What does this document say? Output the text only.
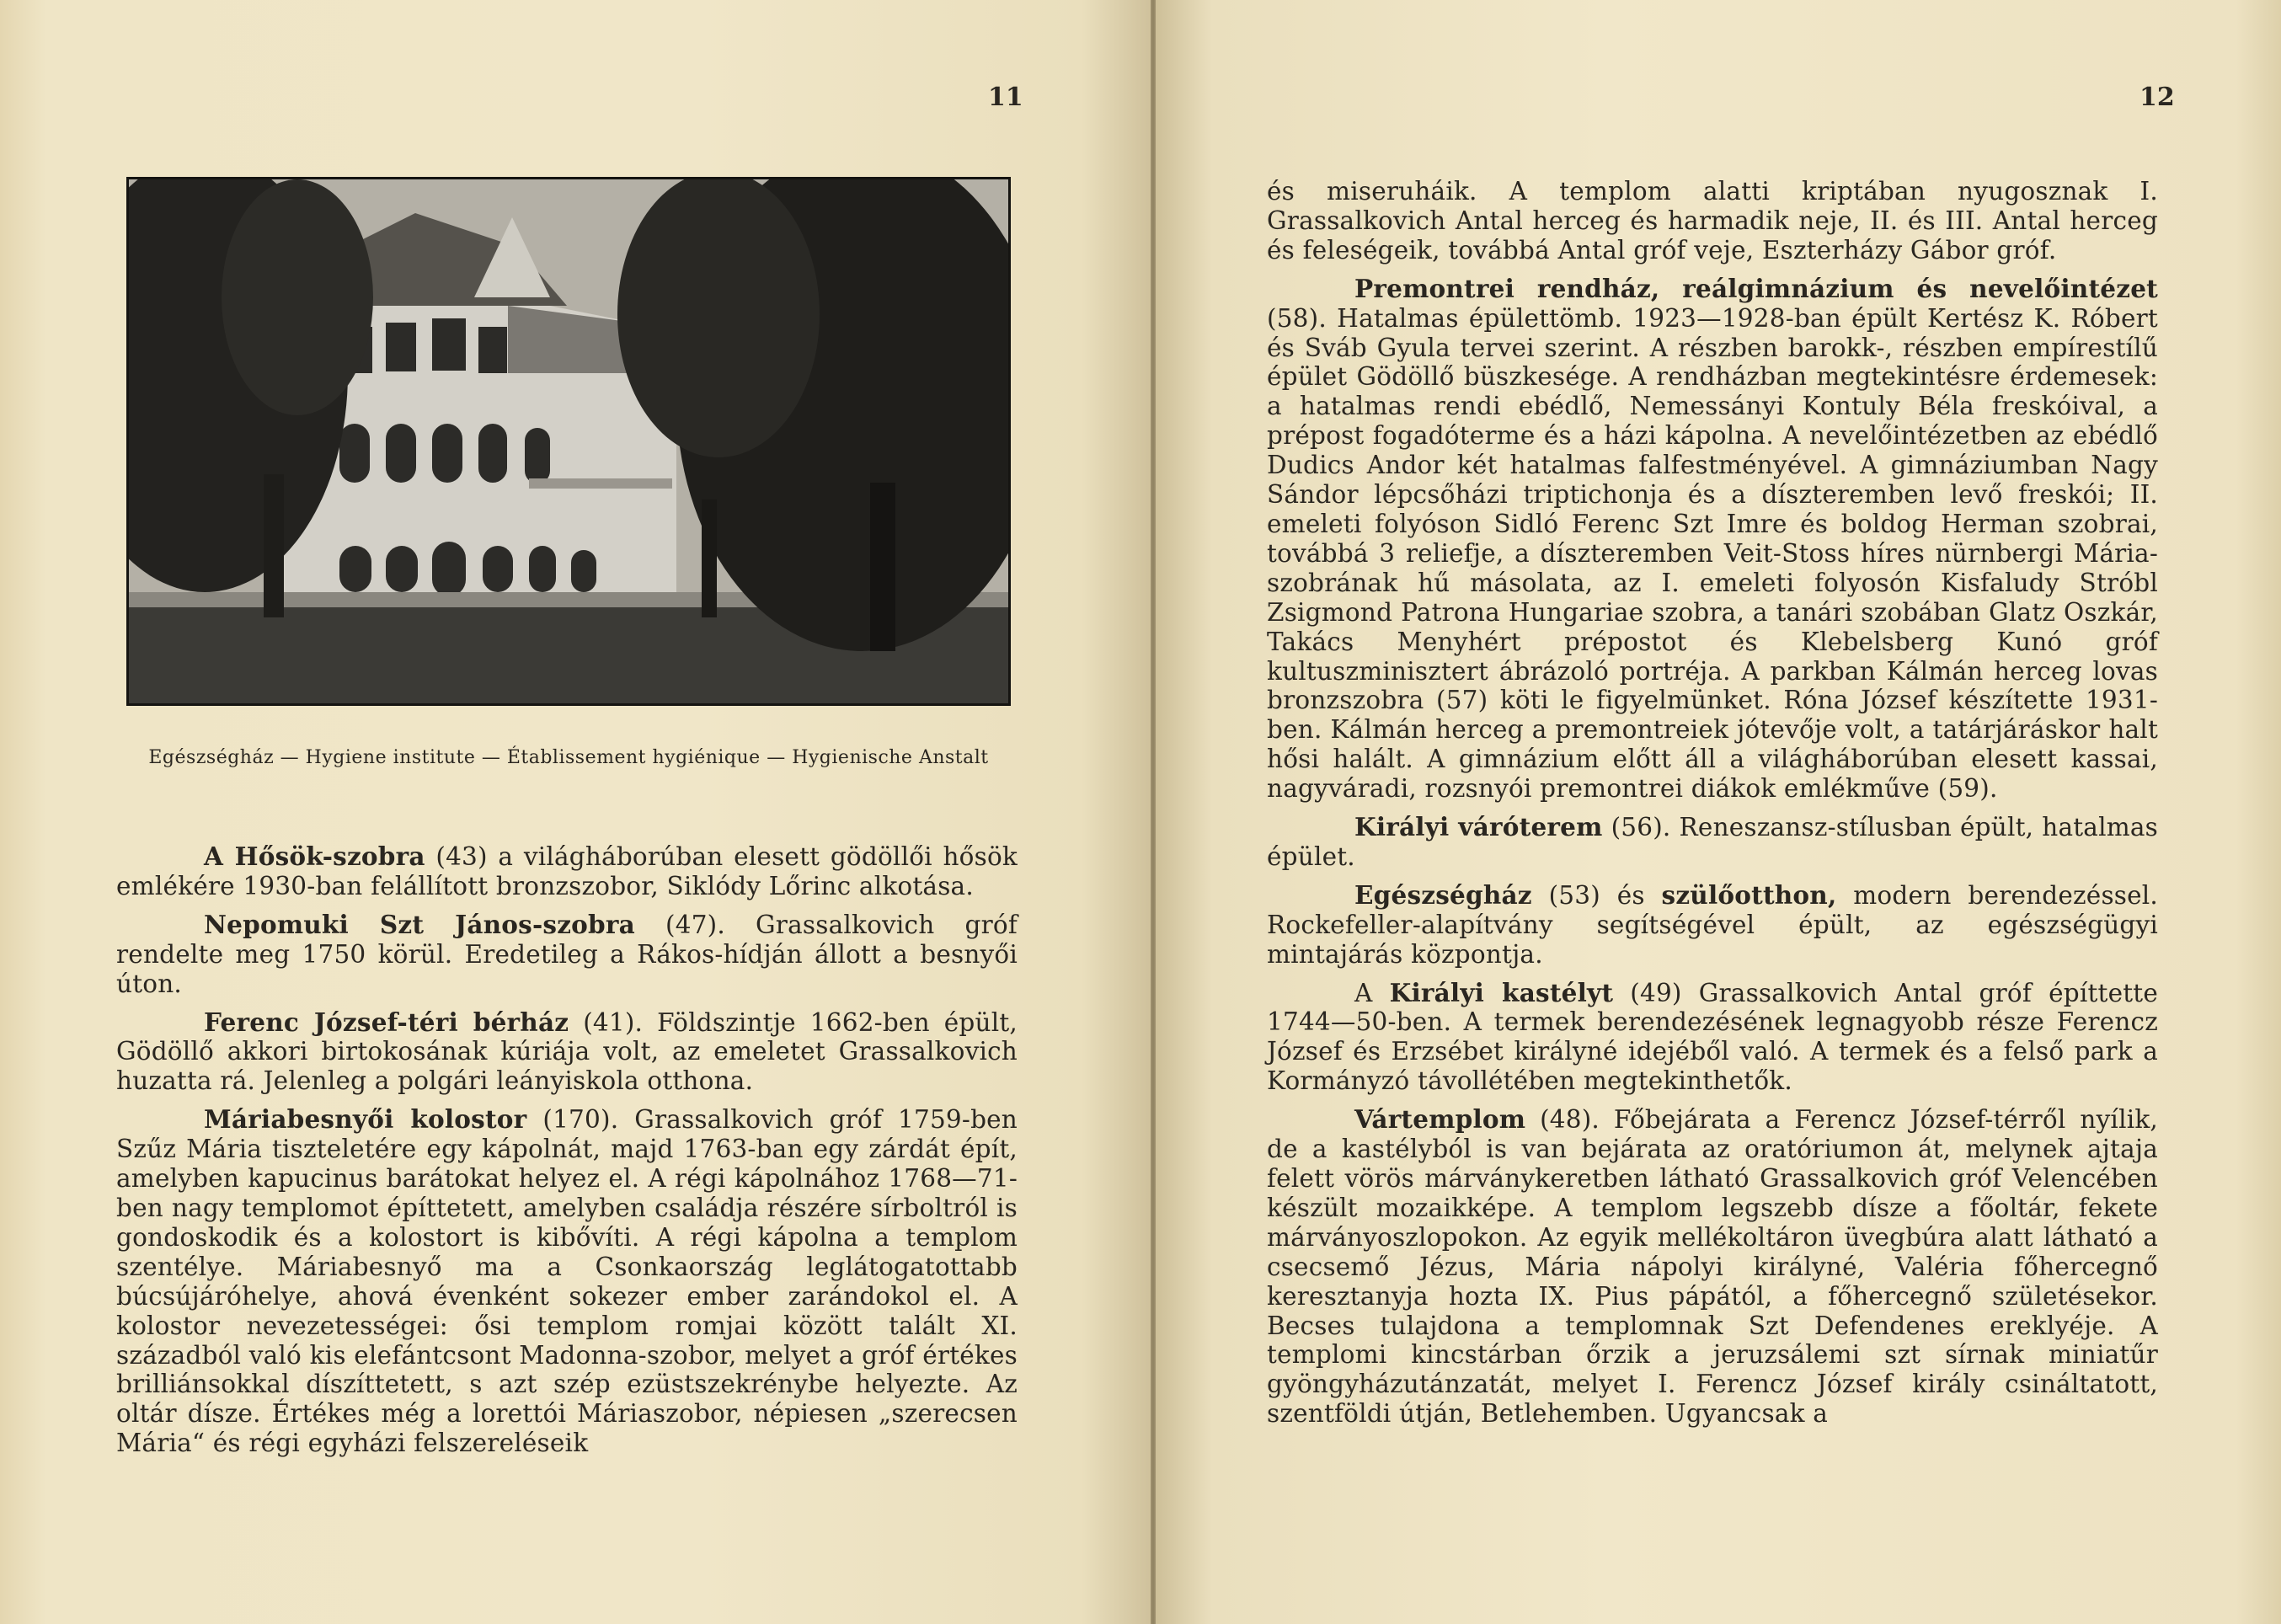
11
Egészségház — Hygiene institute — Établissement hygiénique — Hygienische Anstalt

A Hősök-szobra (43) a világháborúban elesett gödöllői hősök emlékére 1930-ban felállított bronzszobor, Siklódy Lőrinc alkotása.

Nepomuki Szt János-szobra (47). Grassalkovich gróf rendelte meg 1750 körül. Eredetileg a Rákos-hídján állott a besnyői úton.

Ferenc József-téri bérház (41). Földszintje 1662-ben épült, Gödöllő akkori birtokosának kúriája volt, az emeletet Grassalkovich huzatta rá. Jelenleg a polgári leányiskola otthona.

Máriabesnyői kolostor (170). Grassalkovich gróf 1759-ben Szűz Mária tiszteletére egy kápolnát, majd 1763-ban egy zárdát épít, amelyben kapucinus barátokat helyez el. A régi kápolnához 1768—71-ben nagy templomot építtetett, amelyben családja részére sírboltról is gondoskodik és a kolostort is kibővíti. A régi kápolna a templom szentélye. Máriabesnyő ma a Csonkaország leglátogatottabb búcsújáróhelye, ahová évenként sokezer ember zarándokol el. A kolostor nevezetességei: ősi templom romjai között talált XI. századból való kis elefántcsont Madonna-szobor, melyet a gróf értékes brilliánsokkal díszíttetett, s azt szép ezüstszekrénybe helyezte. Az oltár dísze. Értékes még a lorettói Máriaszobor, népiesen „szerecsen Mária“ és régi egyházi felszereléseik

12

és miseruháik. A templom alatti kriptában nyugosznak I. Grassalkovich Antal herceg és harmadik neje, II. és III. Antal herceg és feleségeik, továbbá Antal gróf veje, Eszterházy Gábor gróf.

Premontrei rendház, reálgimnázium és nevelőintézet (58). Hatalmas épülettömb. 1923—1928-ban épült Kertész K. Róbert és Sváb Gyula tervei szerint. A részben barokk-, részben empírestílű épület Gödöllő büszkesége. A rendházban megtekintésre érdemesek: a hatalmas rendi ebédlő, Nemessányi Kontuly Béla freskóival, a prépost fogadóterme és a házi kápolna. A nevelőintézetben az ebédlő Dudics Andor két hatalmas falfestményével. A gimnáziumban Nagy Sándor lépcsőházi triptichonja és a díszteremben levő freskói; II. emeleti folyóson Sidló Ferenc Szt Imre és boldog Herman szobrai, továbbá 3 reliefje, a díszteremben Veit-Stoss híres nürnbergi Mária-szobrának hű másolata, az I. emeleti folyosón Kisfaludy Stróbl Zsigmond Patrona Hungariae szobra, a tanári szobában Glatz Oszkár, Takács Menyhért prépostot és Klebelsberg Kunó gróf kultuszminisztert ábrázoló portréja. A parkban Kálmán herceg lovas bronzszobra (57) köti le figyelmünket. Róna József készítette 1931-ben. Kálmán herceg a premontreiek jótevője volt, a tatárjáráskor halt hősi halált. A gimnázium előtt áll a világháborúban elesett kassai, nagyváradi, rozsnyói premontrei diákok emlékműve (59).

Királyi váróterem (56). Reneszansz-stílusban épült, hatalmas épület.

Egészségház (53) és szülőotthon, modern berendezéssel. Rockefeller-alapítvány segítségével épült, az egészségügyi mintajárás központja.

A Királyi kastélyt (49) Grassalkovich Antal gróf építtette 1744—50-ben. A termek berendezésének legnagyobb része Ferencz József és Erzsébet királyné idejéből való. A termek és a felső park a Kormányzó távollétében megtekinthetők.

Vártemplom (48). Főbejárata a Ferencz József-térről nyílik, de a kastélyból is van bejárata az oratóriumon át, melynek ajtaja felett vörös márványkeretben látható Grassalkovich gróf Velencében készült mozaikképe. A templom legszebb dísze a főoltár, fekete márványoszlopokon. Az egyik mellékoltáron üvegbúra alatt látható a csecsemő Jézus, Mária nápolyi királyné, Valéria főhercegnő keresztanyja hozta IX. Pius pápától, a főhercegnő születésekor. Becses tulajdona a templomnak Szt Defendenes ereklyéje. A templomi kincstárban őrzik a jeruzsálemi szt sírnak miniatűr gyöngyházutánzatát, melyet I. Ferencz József király csináltatott, szentföldi útján, Betlehemben. Ugyancsak a
